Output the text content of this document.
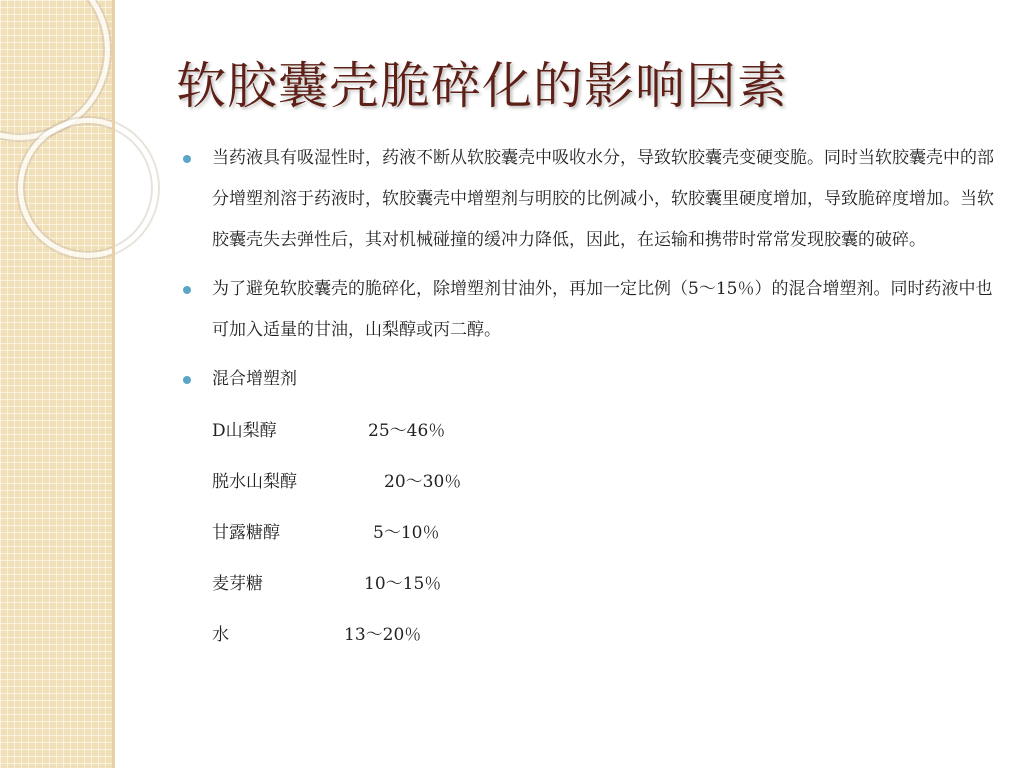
软胶囊壳脆碎化的影响因素
当药液具有吸湿性时，药液不断从软胶囊壳中吸收水分，导致软胶囊壳变硬变脆。同时当软胶囊壳中的部分增塑剂溶于药液时，软胶囊壳中增塑剂与明胶的比例减小，软胶囊里硬度增加，导致脆碎度增加。当软胶囊壳失去弹性后，其对机械碰撞的缓冲力降低，因此，在运输和携带时常常发现胶囊的破碎。
为了避免软胶囊壳的脆碎化，除增塑剂甘油外，再加一定比例（5～15％）的混合增塑剂。同时药液中也可加入适量的甘油，山梨醇或丙二醇。
混合增塑剂
D山梨醇	25～46％
脱水山梨醇	20～30％
甘露糖醇	5～10％
麦芽糖	10～15％
水	13～20％
